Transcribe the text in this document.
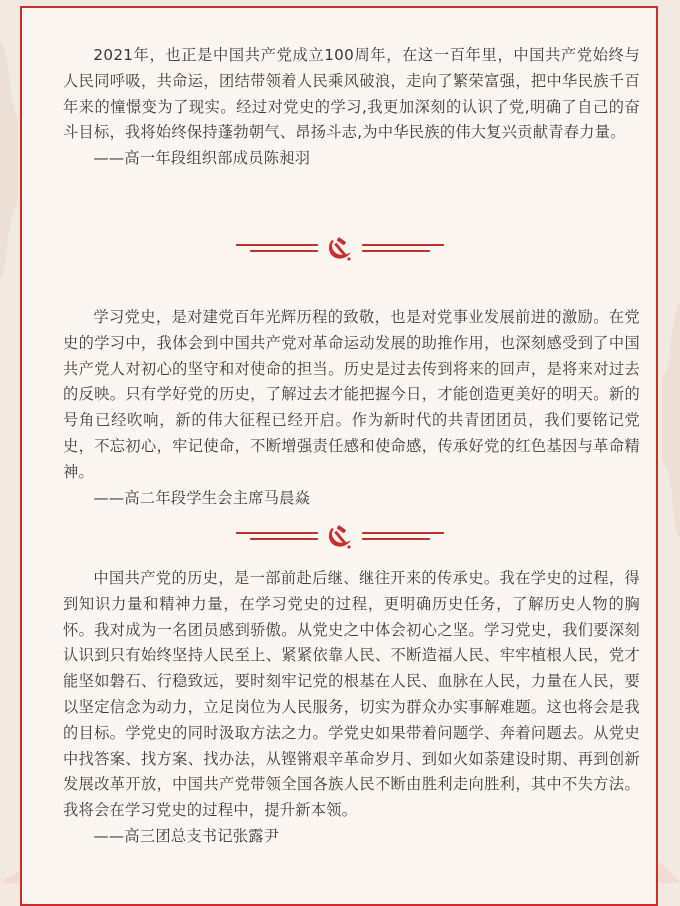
2021年，也正是中国共产党成立100周年，在这一百年里，中国共产党始终与人民同呼吸，共命运，团结带领着人民乘风破浪，走向了繁荣富强，把中华民族千百年来的憧憬变为了现实。经过对党史的学习,我更加深刻的认识了党,明确了自己的奋斗目标，我将始终保持蓬勃朝气、昂扬斗志,为中华民族的伟大复兴贡献青春力量。

——高一年段组织部成员陈昶羽

学习党史，是对建党百年光辉历程的致敬，也是对党事业发展前进的激励。在党史的学习中，我体会到中国共产党对革命运动发展的助推作用，也深刻感受到了中国共产党人对初心的坚守和对使命的担当。历史是过去传到将来的回声，是将来对过去的反映。只有学好党的历史，了解过去才能把握今日，才能创造更美好的明天。新的号角已经吹响，新的伟大征程已经开启。作为新时代的共青团团员，我们要铭记党史，不忘初心，牢记使命，不断增强责任感和使命感，传承好党的红色基因与革命精神。

——高二年段学生会主席马晨焱

中国共产党的历史，是一部前赴后继、继往开来的传承史。我在学史的过程，得到知识力量和精神力量，在学习党史的过程，更明确历史任务，了解历史人物的胸怀。我对成为一名团员感到骄傲。从党史之中体会初心之坚。学习党史，我们要深刻认识到只有始终坚持人民至上、紧紧依靠人民、不断造福人民、牢牢植根人民，党才能坚如磐石、行稳致远，要时刻牢记党的根基在人民、血脉在人民，力量在人民，要以坚定信念为动力，立足岗位为人民服务，切实为群众办实事解难题。这也将会是我的目标。学党史的同时汲取方法之力。学党史如果带着问题学、奔着问题去。从党史中找答案、找方案、找办法，从铿锵艰辛革命岁月、到如火如荼建设时期、再到创新发展改革开放，中国共产党带领全国各族人民不断由胜利走向胜利，其中不失方法。我将会在学习党史的过程中，提升新本领。

——高三团总支书记张露尹
